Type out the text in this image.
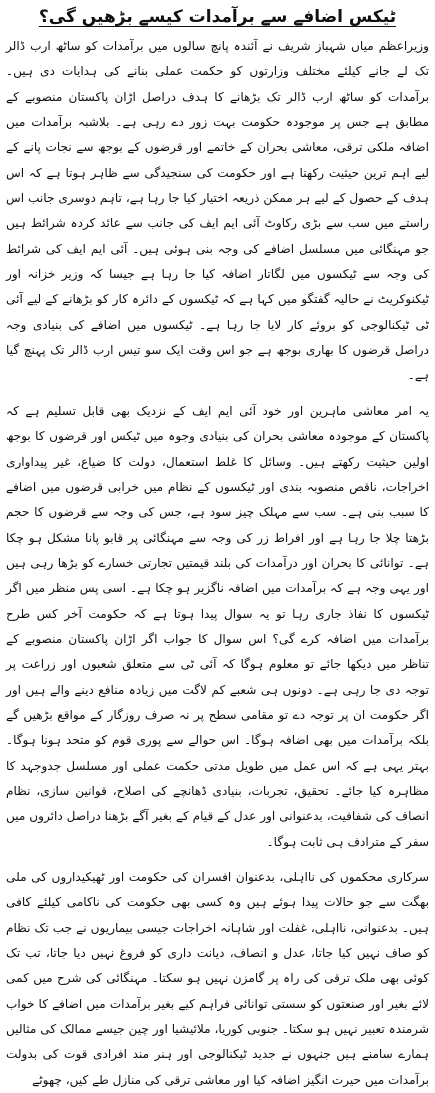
ٹیکس اضافے سے برآمدات کیسے بڑھیں گی؟

وزیراعظم میاں شہباز شریف نے آئندہ پانچ سالوں میں برآمدات کو ساٹھ ارب ڈالر تک لے جانے کیلئے مختلف وزارتوں کو حکمت عملی بنانے کی ہدایات دی ہیں۔ برآمدات کو ساٹھ ارب ڈالر تک بڑھانے کا ہدف دراصل اڑان پاکستان منصوبے کے مطابق ہے جس پر موجودہ حکومت بہت زور دے رہی ہے۔ بلاشبہ برآمدات میں اضافہ ملکی ترقی، معاشی بحران کے خاتمے اور قرضوں کے بوجھ سے نجات پانے کے لیے اہم ترین حیثیت رکھتا ہے اور حکومت کی سنجیدگی سے ظاہر ہوتا ہے کہ اس ہدف کے حصول کے لیے ہر ممکن ذریعہ اختیار کیا جا رہا ہے، تاہم دوسری جانب اس راستے میں سب سے بڑی رکاوٹ آئی ایم ایف کی جانب سے عائد کردہ شرائط ہیں جو مہنگائی میں مسلسل اضافے کی وجہ بنی ہوئی ہیں۔ آئی ایم ایف کی شرائط کی وجہ سے ٹیکسوں میں لگاتار اضافہ کیا جا رہا ہے جیسا کہ وزیر خزانہ اور ٹیکنوکریٹ نے حالیہ گفتگو میں کہا ہے کہ ٹیکسوں کے دائرہ کار کو بڑھانے کے لیے آئی ٹی ٹیکنالوجی کو بروئے کار لایا جا رہا ہے۔ ٹیکسوں میں اضافے کی بنیادی وجہ دراصل قرضوں کا بھاری بوجھ ہے جو اس وقت ایک سو تیس ارب ڈالر تک پہنچ گیا ہے۔

یہ امر معاشی ماہرین اور خود آئی ایم ایف کے نزدیک بھی قابل تسلیم ہے کہ پاکستان کے موجودہ معاشی بحران کی بنیادی وجوہ میں ٹیکس اور قرضوں کا بوجھ اولین حیثیت رکھتے ہیں۔ وسائل کا غلط استعمال، دولت کا ضیاع، غیر پیداواری اخراجات، ناقص منصوبہ بندی اور ٹیکسوں کے نظام میں خرابی قرضوں میں اضافے کا سبب بنی ہے۔ سب سے مہلک چیز سود ہے، جس کی وجہ سے قرضوں کا حجم بڑھتا چلا جا رہا ہے اور افراط زر کی وجہ سے مہنگائی پر قابو پانا مشکل ہو چکا ہے۔ توانائی کا بحران اور درآمدات کی بلند قیمتیں تجارتی خسارے کو بڑھا رہی ہیں اور یہی وجہ ہے کہ برآمدات میں اضافہ ناگزیر ہو چکا ہے۔ اسی پس منظر میں اگر ٹیکسوں کا نفاذ جاری رہا تو یہ سوال پیدا ہوتا ہے کہ حکومت آخر کس طرح برآمدات میں اضافہ کرے گی؟ اس سوال کا جواب اگر اڑان پاکستان منصوبے کے تناظر میں دیکھا جائے تو معلوم ہوگا کہ آئی ٹی سے متعلق شعبوں اور زراعت پر توجہ دی جا رہی ہے۔ دونوں ہی شعبے کم لاگت میں زیادہ منافع دینے والے ہیں اور اگر حکومت ان پر توجہ دے تو مقامی سطح پر نہ صرف روزگار کے مواقع بڑھیں گے بلکہ برآمدات میں بھی اضافہ ہوگا۔ اس حوالے سے پوری قوم کو متحد ہونا ہوگا۔ بہتر یہی ہے کہ اس عمل میں طویل مدتی حکمت عملی اور مسلسل جدوجہد کا مظاہرہ کیا جائے۔ تحقیق، تجربات، بنیادی ڈھانچے کی اصلاح، قوانین سازی، نظام انصاف کی شفافیت، بدعنوانی اور عدل کے قیام کے بغیر آگے بڑھنا دراصل دائروں میں سفر کے مترادف ہی ثابت ہوگا۔

سرکاری محکموں کی نااہلی، بدعنوان افسران کی حکومت اور ٹھیکیداروں کی ملی بھگت سے جو حالات پیدا ہوئے ہیں وہ کسی بھی حکومت کی ناکامی کیلئے کافی ہیں۔ بدعنوانی، نااہلی، غفلت اور شاہانہ اخراجات جیسی بیماریوں نے جب تک نظام کو صاف نہیں کیا جاتا، عدل و انصاف، دیانت داری کو فروغ نہیں دیا جاتا، تب تک کوئی بھی ملک ترقی کی راہ پر گامزن نہیں ہو سکتا۔ مہنگائی کی شرح میں کمی لائے بغیر اور صنعتوں کو سستی توانائی فراہم کیے بغیر برآمدات میں اضافے کا خواب شرمندہ تعبیر نہیں ہو سکتا۔ جنوبی کوریا، ملائیشیا اور چین جیسے ممالک کی مثالیں ہمارے سامنے ہیں جنہوں نے جدید ٹیکنالوجی اور ہنر مند افرادی قوت کی بدولت برآمدات میں حیرت انگیز اضافہ کیا اور معاشی ترقی کی منازل طے کیں، چھوٹے
